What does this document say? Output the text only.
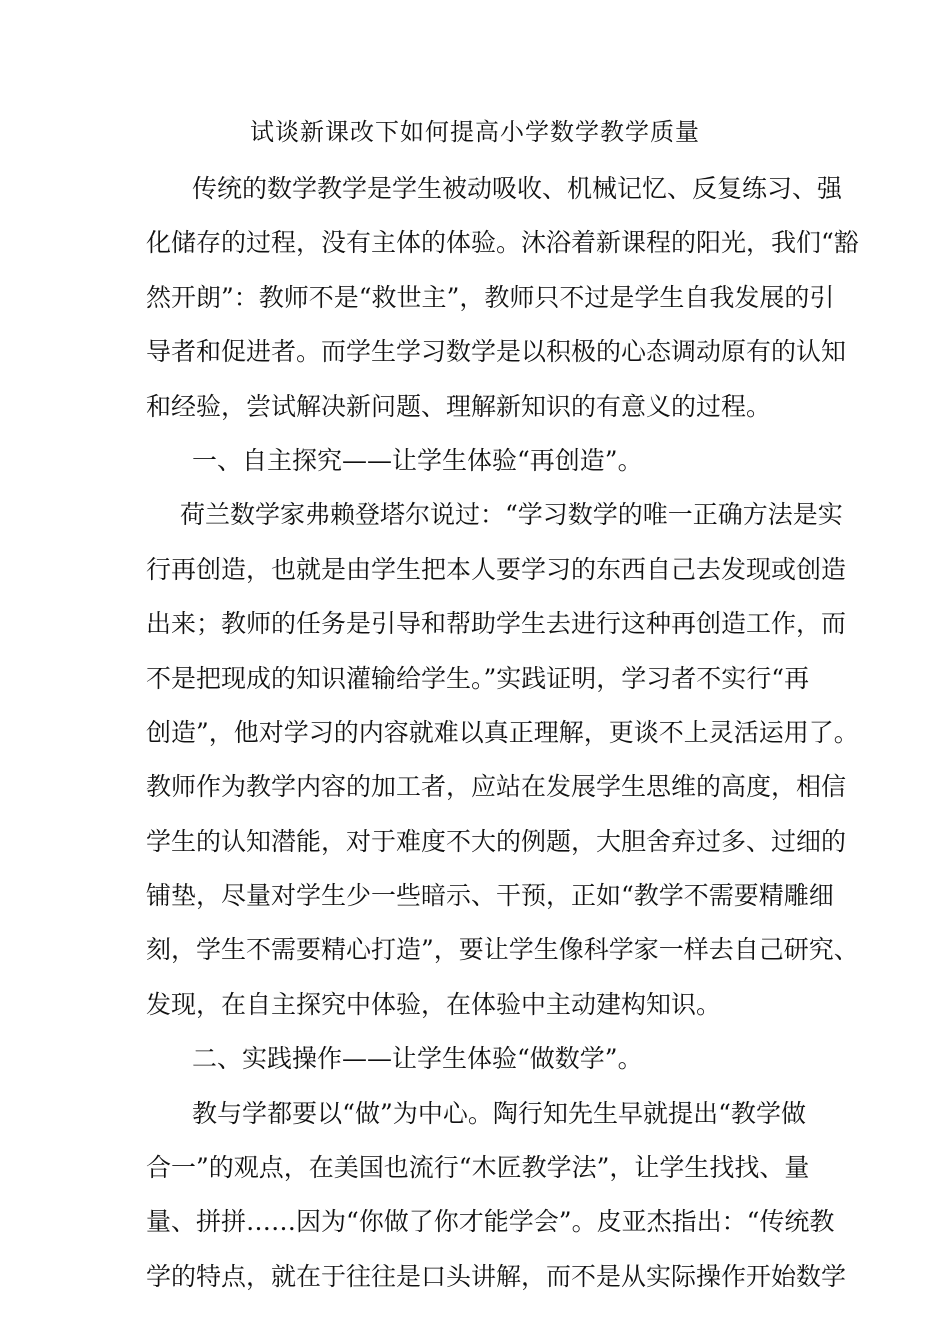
试谈新课改下如何提高小学数学教学质量
传统的数学教学是学生被动吸收、机械记忆、反复练习、强
化储存的过程，没有主体的体验。沐浴着新课程的阳光，我们“豁
然开朗”：教师不是“救世主”，教师只不过是学生自我发展的引
导者和促进者。而学生学习数学是以积极的心态调动原有的认知
和经验，尝试解决新问题、理解新知识的有意义的过程。
一、自主探究——让学生体验“再创造”。
荷兰数学家弗赖登塔尔说过：“学习数学的唯一正确方法是实
行再创造，也就是由学生把本人要学习的东西自己去发现或创造
出来；教师的任务是引导和帮助学生去进行这种再创造工作，而
不是把现成的知识灌输给学生。”实践证明，学习者不实行“再
创造”，他对学习的内容就难以真正理解，更谈不上灵活运用了。
教师作为教学内容的加工者，应站在发展学生思维的高度，相信
学生的认知潜能，对于难度不大的例题，大胆舍弃过多、过细的
铺垫，尽量对学生少一些暗示、干预，正如“教学不需要精雕细
刻，学生不需要精心打造”，要让学生像科学家一样去自己研究、
发现，在自主探究中体验，在体验中主动建构知识。
二、实践操作——让学生体验“做数学”。
教与学都要以“做”为中心。陶行知先生早就提出“教学做
合一”的观点，在美国也流行“木匠教学法”，让学生找找、量
量、拼拼……因为“你做了你才能学会”。皮亚杰指出：“传统教
学的特点，就在于往往是口头讲解，而不是从实际操作开始数学
